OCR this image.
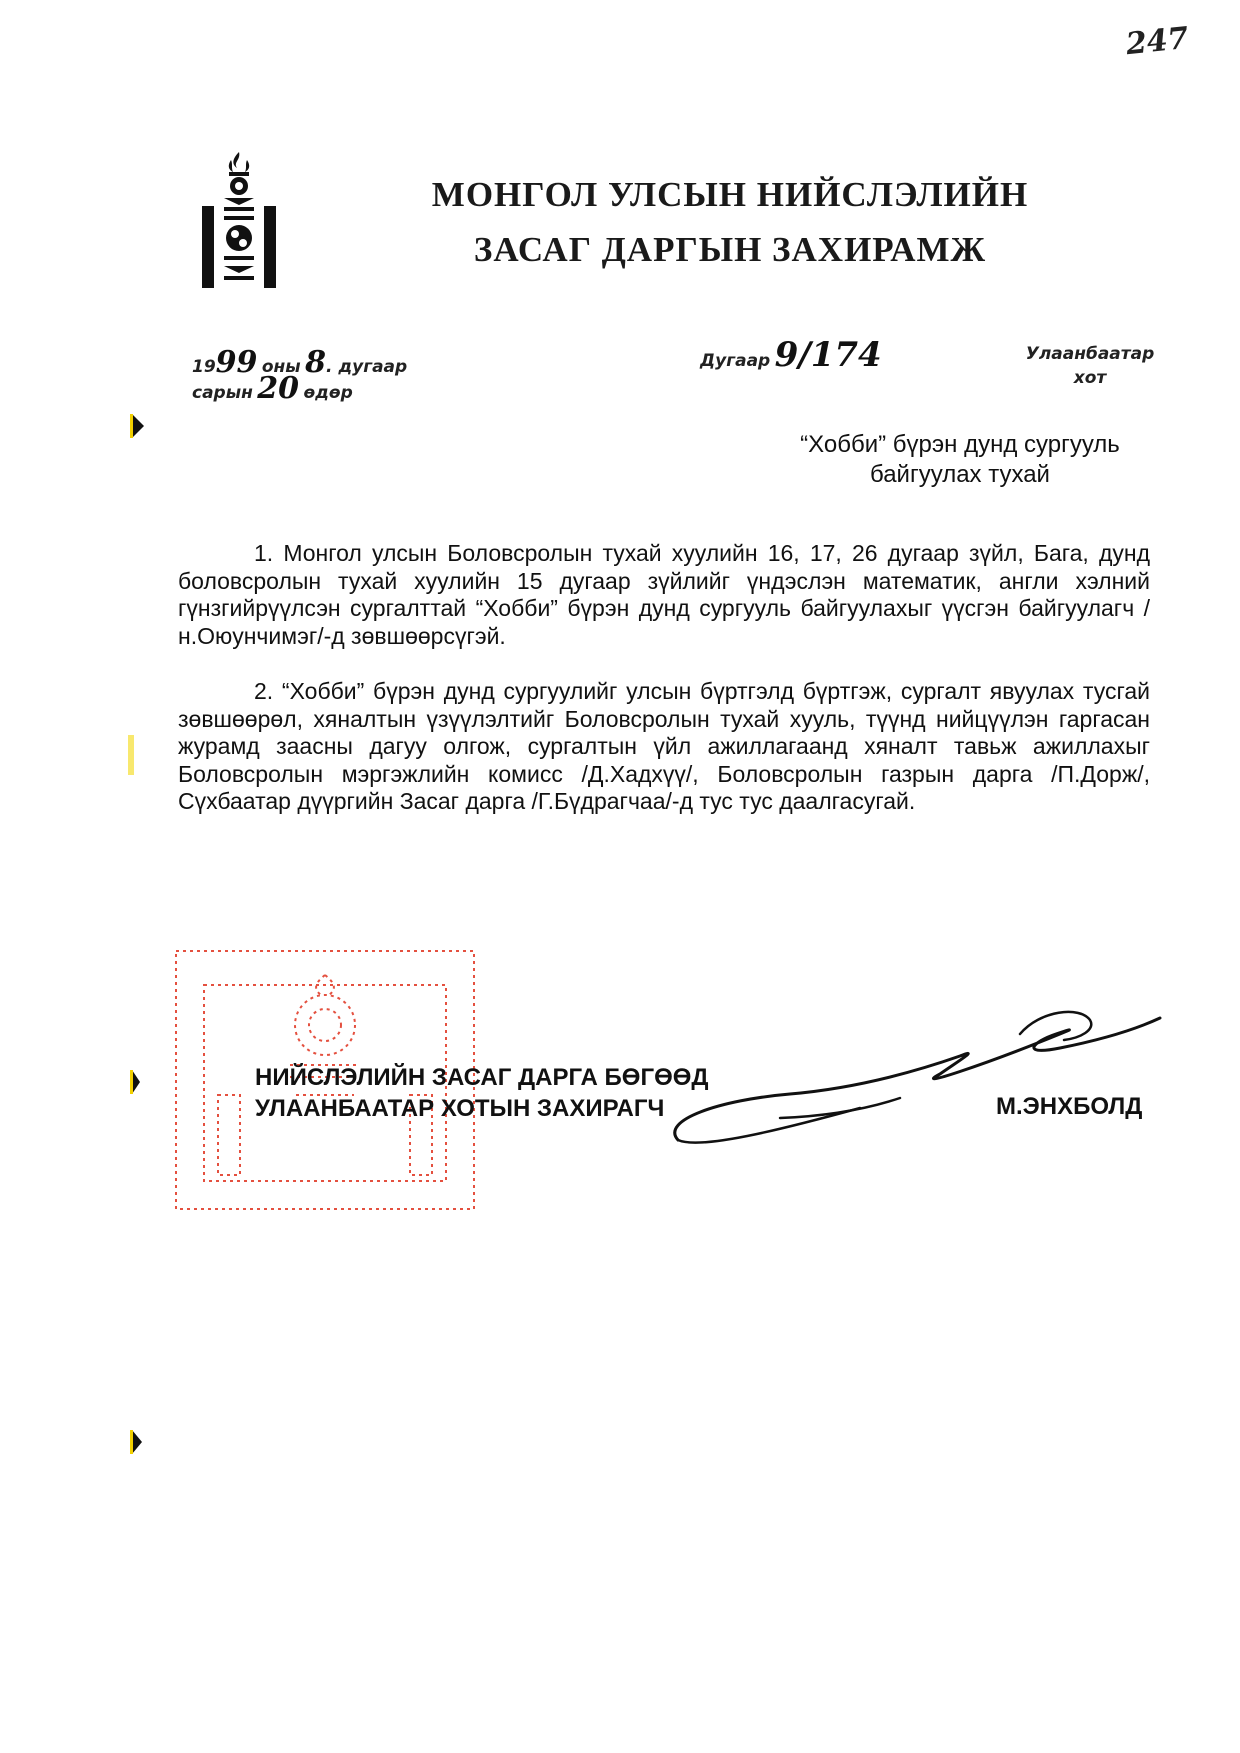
247
МОНГОЛ УЛСЫН НИЙСЛЭЛИЙН
ЗАСАГ ДАРГЫН ЗАХИРАМЖ
1999 оны 8. дугаар
сарын 20 өдөр
Дугаар 9/174	Улаанбаатар
хот
“Хобби” бүрэн дунд сургууль
байгуулах тухай
1. Монгол улсын Боловсролын тухай хуулийн 16, 17, 26 дугаар зүйл, Бага, дунд боловсролын тухай хуулийн 15 дугаар зүйлийг үндэслэн математик, англи хэлний гүнзгийрүүлсэн сургалттай “Хобби” бүрэн дунд сургууль байгуулахыг үүсгэн байгуулагч /н.Оюунчимэг/-д зөвшөөрсүгэй.
2. “Хобби” бүрэн дунд сургуулийг улсын бүртгэлд бүртгэж, сургалт явуулах тусгай зөвшөөрөл, хяналтын үзүүлэлтийг Боловсролын тухай хууль, түүнд нийцүүлэн гаргасан журамд заасны дагуу олгож, сургалтын үйл ажиллагаанд хяналт тавьж ажиллахыг Боловсролын мэргэжлийн комисс /Д.Хадхүү/, Боловсролын газрын дарга /П.Дорж/, Сүхбаатар дүүргийн Засаг дарга /Г.Бүдрагчаа/-д тус тус даалгасугай.
НИЙСЛЭЛИЙН ЗАСАГ ДАРГА БӨГӨӨД
УЛААНБААТАР ХОТЫН ЗАХИРАГЧ	М.ЭНХБОЛД
